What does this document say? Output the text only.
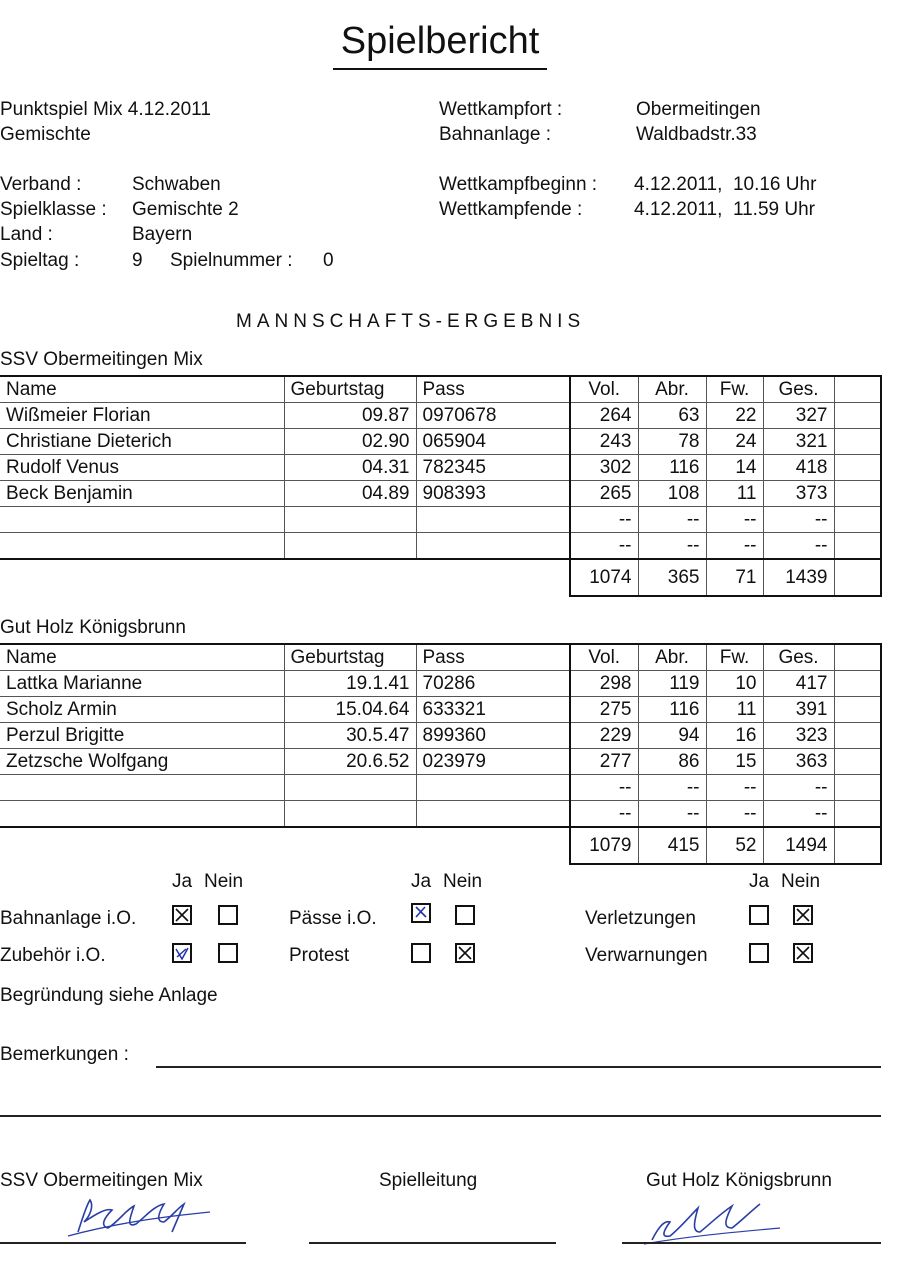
Spielbericht
Punktspiel Mix 4.12.2011
Gemischte
Verband :	Schwaben
Spielklasse : Gemischte 2
Land :	Bayern
Spieltag :	9 Spielnummer : 0
Wettkampfort :	Obermeitingen
Bahnanlage :	Waldbadstr.33
Wettkampfbeginn : 4.12.2011,  10.16 Uhr
Wettkampfende :	4.12.2011,  11.59 Uhr
MANNSCHAFTS-ERGEBNIS
SSV Obermeitingen Mix
Name	Geburtstag	Pass	Vol.	Abr.	Fw.	Ges.	
Wißmeier Florian	09.87	0970678	264	63	22	327	
Christiane Dieterich	02.90	065904	243	78	24	321	
Rudolf Venus	04.31	782345	302	116	14	418	
Beck Benjamin	04.89	908393	265	108	11	373	
			--	--	--	--	
			--	--	--	--	
			1074	365	71	1439	
Gut Holz Königsbrunn
Name	Geburtstag	Pass	Vol.	Abr.	Fw.	Ges.	
Lattka Marianne	19.1.41	70286	298	119	10	417	
Scholz Armin	15.04.64	633321	275	116	11	391	
Perzul Brigitte	30.5.47	899360	229	94	16	323	
Zetzsche Wolfgang	20.6.52	023979	277	86	15	363	
			--	--	--	--	
			--	--	--	--	
			1079	415	52	1494	
Ja Nein	Ja Nein	Ja Nein
Bahnanlage i.O.	Pässe i.O.	Verletzungen
Zubehör i.O.	Protest	Verwarnungen
Begründung siehe Anlage
Bemerkungen :
SSV Obermeitingen Mix	Spielleitung	Gut Holz Königsbrunn
